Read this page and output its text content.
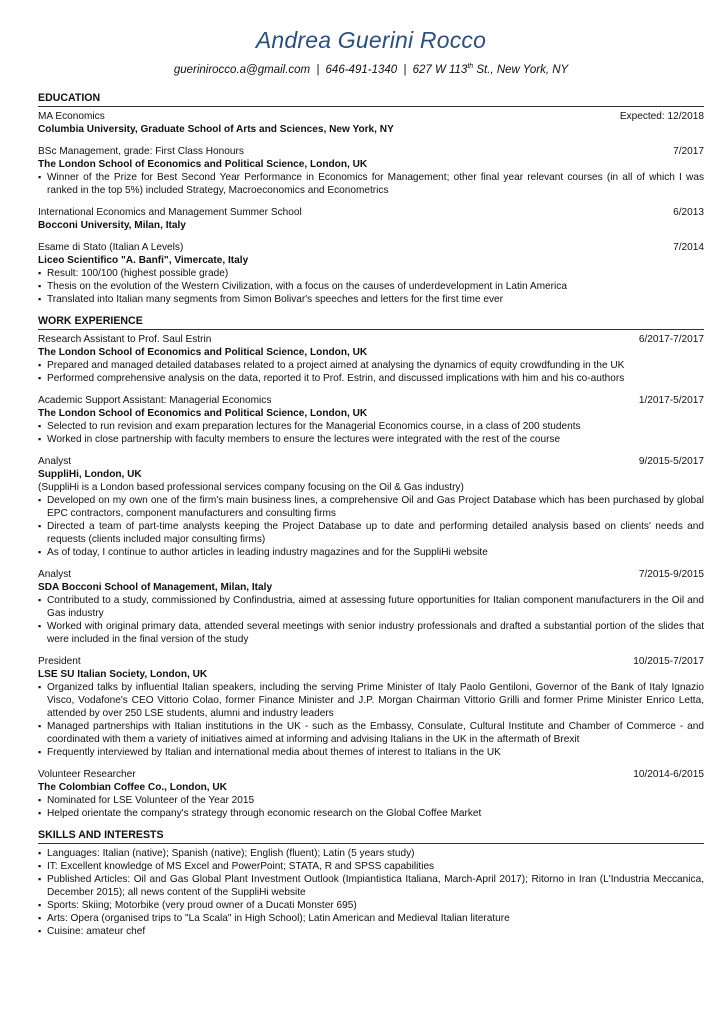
Andrea Guerini Rocco
guerinirocco.a@gmail.com | 646-491-1340 | 627 W 113th St., New York, NY
EDUCATION
MA Economics	Expected: 12/2018
Columbia University, Graduate School of Arts and Sciences, New York, NY
BSc Management, grade: First Class Honours	7/2017
The London School of Economics and Political Science, London, UK
▪ Winner of the Prize for Best Second Year Performance in Economics for Management; other final year relevant courses (in all of which I was ranked in the top 5%) included Strategy, Macroeconomics and Econometrics
International Economics and Management Summer School	6/2013
Bocconi University, Milan, Italy
Esame di Stato (Italian A Levels)	7/2014
Liceo Scientifico "A. Banfi", Vimercate, Italy
▪ Result: 100/100 (highest possible grade)
▪ Thesis on the evolution of the Western Civilization, with a focus on the causes of underdevelopment in Latin America
▪ Translated into Italian many segments from Simon Bolivar's speeches and letters for the first time ever
WORK EXPERIENCE
Research Assistant to Prof. Saul Estrin	6/2017-7/2017
The London School of Economics and Political Science, London, UK
▪ Prepared and managed detailed databases related to a project aimed at analysing the dynamics of equity crowdfunding in the UK
▪ Performed comprehensive analysis on the data, reported it to Prof. Estrin, and discussed implications with him and his co-authors
Academic Support Assistant: Managerial Economics	1/2017-5/2017
The London School of Economics and Political Science, London, UK
▪ Selected to run revision and exam preparation lectures for the Managerial Economics course, in a class of 200 students
▪ Worked in close partnership with faculty members to ensure the lectures were integrated with the rest of the course
Analyst	9/2015-5/2017
SuppliHi, London, UK
(SuppliHi is a London based professional services company focusing on the Oil & Gas industry)
▪ Developed on my own one of the firm's main business lines, a comprehensive Oil and Gas Project Database which has been purchased by global EPC contractors, component manufacturers and consulting firms
▪ Directed a team of part-time analysts keeping the Project Database up to date and performing detailed analysis based on clients' needs and requests (clients included major consulting firms)
▪ As of today, I continue to author articles in leading industry magazines and for the SuppliHi website
Analyst	7/2015-9/2015
SDA Bocconi School of Management, Milan, Italy
▪ Contributed to a study, commissioned by Confindustria, aimed at assessing future opportunities for Italian component manufacturers in the Oil and Gas industry
▪ Worked with original primary data, attended several meetings with senior industry professionals and drafted a substantial portion of the slides that were included in the final version of the study
President	10/2015-7/2017
LSE SU Italian Society, London, UK
▪ Organized talks by influential Italian speakers, including the serving Prime Minister of Italy Paolo Gentiloni, Governor of the Bank of Italy Ignazio Visco, Vodafone's CEO Vittorio Colao, former Finance Minister and J.P. Morgan Chairman Vittorio Grilli and former Prime Minister Enrico Letta, attended by over 250 LSE students, alumni and industry leaders
▪ Managed partnerships with Italian institutions in the UK - such as the Embassy, Consulate, Cultural Institute and Chamber of Commerce - and coordinated with them a variety of initiatives aimed at informing and advising Italians in the UK in the aftermath of Brexit
▪ Frequently interviewed by Italian and international media about themes of interest to Italians in the UK
Volunteer Researcher	10/2014-6/2015
The Colombian Coffee Co., London, UK
▪ Nominated for LSE Volunteer of the Year 2015
▪ Helped orientate the company's strategy through economic research on the Global Coffee Market
SKILLS AND INTERESTS
▪ Languages: Italian (native); Spanish (native); English (fluent); Latin (5 years study)
▪ IT: Excellent knowledge of MS Excel and PowerPoint; STATA, R and SPSS capabilities
▪ Published Articles: Oil and Gas Global Plant Investment Outlook (Impiantistica Italiana, March-April 2017); Ritorno in Iran (L'Industria Meccanica, December 2015); all news content of the SuppliHi website
▪ Sports: Skiing; Motorbike (very proud owner of a Ducati Monster 695)
▪ Arts: Opera (organised trips to "La Scala" in High School); Latin American and Medieval Italian literature
▪ Cuisine: amateur chef
